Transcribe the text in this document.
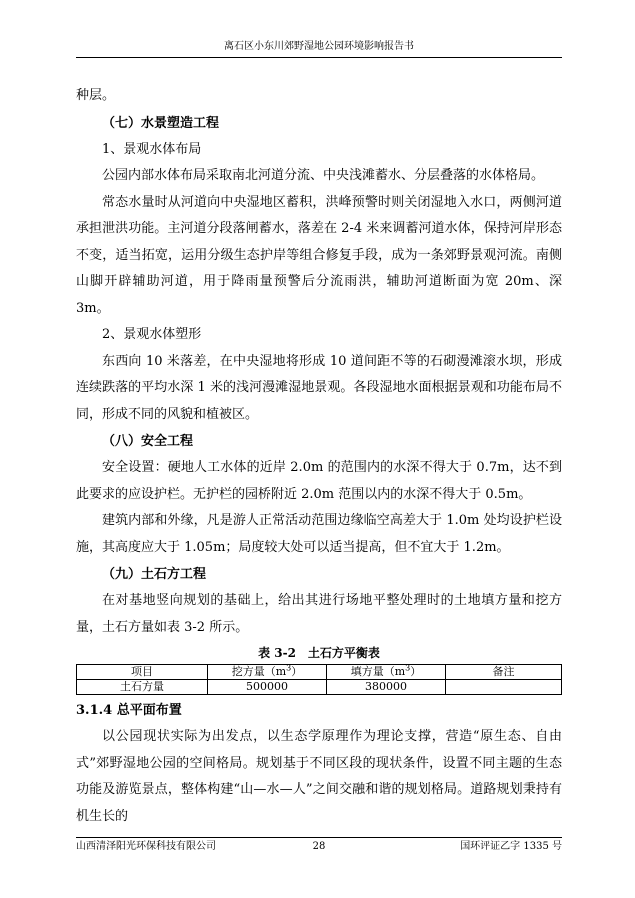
离石区小东川郊野湿地公园环境影响报告书

种层。

（七）水景塑造工程

1、景观水体布局

公园内部水体布局采取南北河道分流、中央浅滩蓄水、分层叠落的水体格局。

常态水量时从河道向中央湿地区蓄积，洪峰预警时则关闭湿地入水口，两侧河道承担泄洪功能。主河道分段落闸蓄水，落差在 2-4 米来调蓄河道水体，保持河岸形态不变，适当拓宽，运用分级生态护岸等组合修复手段，成为一条郊野景观河流。南侧山脚开辟辅助河道，用于降雨量预警后分流雨洪，辅助河道断面为宽 20m、深 3m。

2、景观水体塑形

东西向 10 米落差，在中央湿地将形成 10 道间距不等的石砌漫滩滚水坝，形成连续跌落的平均水深 1 米的浅河漫滩湿地景观。各段湿地水面根据景观和功能布局不同，形成不同的风貌和植被区。

（八）安全工程

安全设置：硬地人工水体的近岸 2.0m 的范围内的水深不得大于 0.7m，达不到此要求的应设护栏。无护栏的园桥附近 2.0m 范围以内的水深不得大于 0.5m。

建筑内部和外缘，凡是游人正常活动范围边缘临空高差大于 1.0m 处均设护栏设施，其高度应大于 1.05m；局度较大处可以适当提高，但不宜大于 1.2m。

（九）土石方工程

在对基地竖向规划的基础上，给出其进行场地平整处理时的土地填方量和挖方量，土石方量如表 3-2 所示。

表 3-2　土石方平衡表
项目	挖方量$(m^3)$	填方量$(m^3)$	备注
土石方量	500000	380000	

3.1.4 总平面布置

以公园现状实际为出发点，以生态学原理作为理论支撑，营造“原生态、自由式”郊野湿地公园的空间格局。规划基于不同区段的现状条件，设置不同主题的生态功能及游览景点，整体构建“山—水—人”之间交融和谐的规划格局。道路规划秉持有机生长的

山西清泽阳光环保科技有限公司	28	国环评证乙字 1335 号
